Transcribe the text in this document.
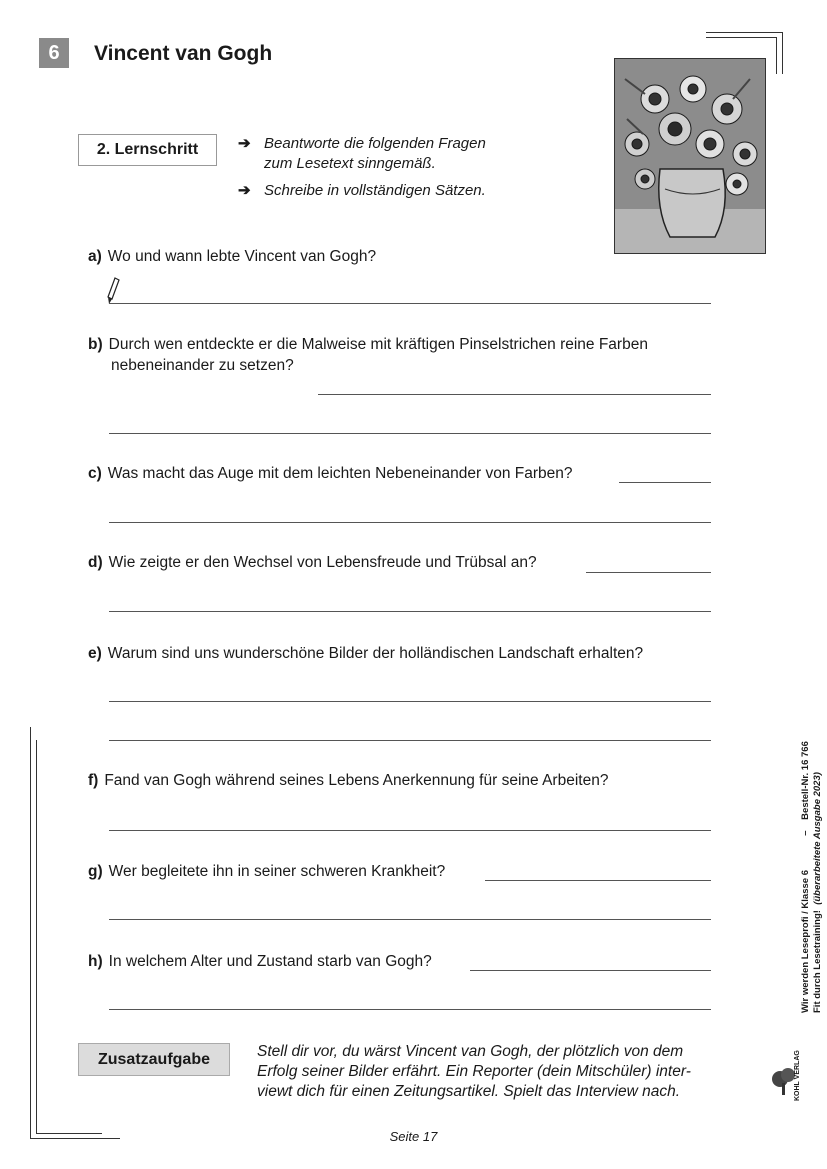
6	Vincent van Gogh
2. Lernschritt	➔ Beantworte die folgenden Fragen
zum Lesetext sinngemäß.
➔ Schreibe in vollständigen Sätzen.
a) Wo und wann lebte Vincent van Gogh?
b) Durch wen entdeckte er die Malweise mit kräftigen Pinselstrichen reine Farben
nebeneinander zu setzen?
c) Was macht das Auge mit dem leichten Nebeneinander von Farben?
d) Wie zeigte er den Wechsel von Lebensfreude und Trübsal an?
e) Warum sind uns wunderschöne Bilder der holländischen Landschaft erhalten?
f) Fand van Gogh während seines Lebens Anerkennung für seine Arbeiten?
g) Wer begleitete ihn in seiner schweren Krankheit?
h) In welchem Alter und Zustand starb van Gogh?
Zusatzaufgabe	Stell dir vor, du wärst Vincent van Gogh, der plötzlich von dem
Erfolg seiner Bilder erfährt. Ein Reporter (dein Mitschüler) inter-
viewt dich für einen Zeitungsartikel. Spielt das Interview nach.
Wir werden Leseprofi / Klasse 6             –    Bestell-Nr. 16 766
Fit durch Lesetraining!  (überarbeitete Ausgabe 2023)
KOHL VERLAG
Seite 17
